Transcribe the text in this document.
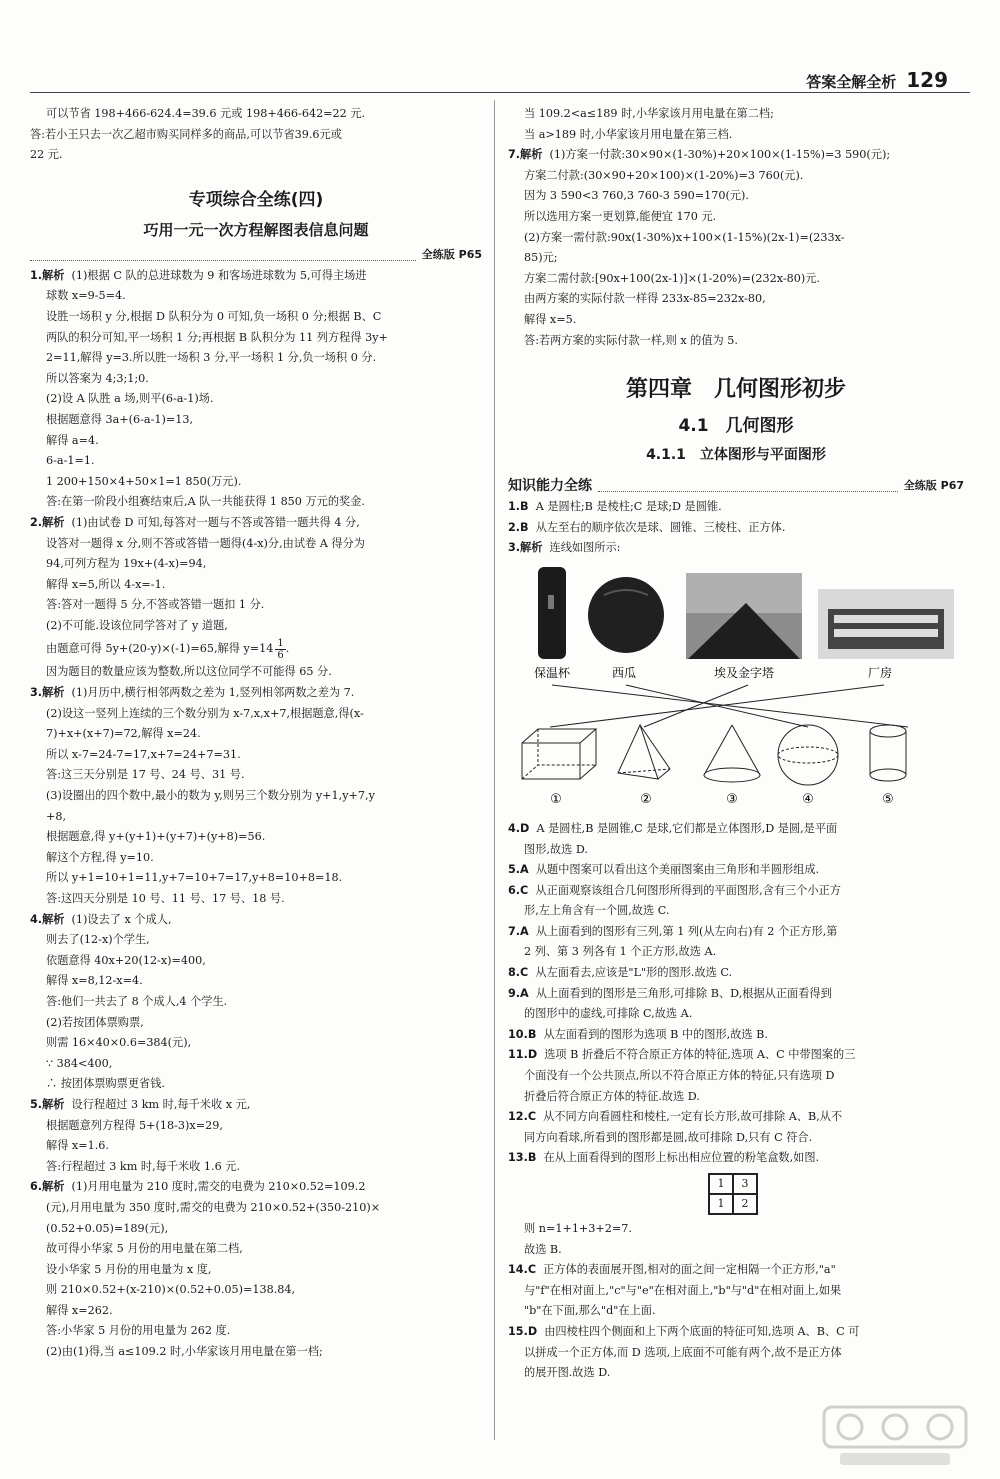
答案全解全析 129
可以节省 198+466-624.4=39.6 元或 198+466-642=22 元.
答:若小王只去一次乙超市购买同样多的商品,可以节省39.6元或
22 元.
专项综合全练(四)
巧用一元一次方程解图表信息问题
全练版 P65
1.解析 (1)根据 C 队的总进球数为 9 和客场进球数为 5,可得主场进
球数 x=9-5=4.
设胜一场积 y 分,根据 D 队积分为 0 可知,负一场积 0 分;根据 B、C
两队的积分可知,平一场积 1 分;再根据 B 队积分为 11 列方程得 3y+
2=11,解得 y=3.所以胜一场积 3 分,平一场积 1 分,负一场积 0 分.
所以答案为 4;3;1;0.
(2)设 A 队胜 a 场,则平(6-a-1)场.
根据题意得 3a+(6-a-1)=13,
解得 a=4.
6-a-1=1.
1 200+150×4+50×1=1 850(万元).
答:在第一阶段小组赛结束后,A 队一共能获得 1 850 万元的奖金.
2.解析 (1)由试卷 D 可知,每答对一题与不答或答错一题共得 4 分,
设答对一题得 x 分,则不答或答错一题得(4-x)分,由试卷 A 得分为
94,可列方程为 19x+(4-x)=94,
解得 x=5,所以 4-x=-1.
答:答对一题得 5 分,不答或答错一题扣 1 分.
(2)不可能.设该位同学答对了 y 道题,
由题意可得 5y+(20-y)×(-1)=65,解得 $y=14 \frac{1}{6}$ .
因为题目的数量应该为整数,所以这位同学不可能得 65 分.
3.解析 (1)月历中,横行相邻两数之差为 1,竖列相邻两数之差为 7.
(2)设这一竖列上连续的三个数分别为 x-7,x,x+7,根据题意,得(x-
7)+x+(x+7)=72,解得 x=24.
所以 x-7=24-7=17,x+7=24+7=31.
答:这三天分别是 17 号、24 号、31 号.
(3)设圈出的四个数中,最小的数为 y,则另三个数分别为 y+1,y+7,y
+8,
根据题意,得 y+(y+1)+(y+7)+(y+8)=56.
解这个方程,得 y=10.
所以 y+1=10+1=11,y+7=10+7=17,y+8=10+8=18.
答:这四天分别是 10 号、11 号、17 号、18 号.
4.解析 (1)设去了 x 个成人,
则去了(12-x)个学生,
依题意得 40x+20(12-x)=400,
解得 x=8,12-x=4.
答:他们一共去了 8 个成人,4 个学生.
(2)若按团体票购票,
则需 16×40×0.6=384(元),
∵ 384<400,
∴ 按团体票购票更省钱.
5.解析 设行程超过 3 km 时,每千米收 x 元,
根据题意列方程得 5+(18-3)x=29,
解得 x=1.6.
答:行程超过 3 km 时,每千米收 1.6 元.
6.解析 (1)月用电量为 210 度时,需交的电费为 210×0.52=109.2
(元),月用电量为 350 度时,需交的电费为 210×0.52+(350-210)×
(0.52+0.05)=189(元),
故可得小华家 5 月份的用电量在第二档,
设小华家 5 月份的用电量为 x 度,
则 210×0.52+(x-210)×(0.52+0.05)=138.84,
解得 x=262.
答:小华家 5 月份的用电量为 262 度.
(2)由(1)得,当 a≤109.2 时,小华家该月用电量在第一档;
当 109.2<a≤189 时,小华家该月用电量在第二档;
当 a>189 时,小华家该月用电量在第三档.
7.解析 (1)方案一付款:30×90×(1-30%)+20×100×(1-15%)=3 590(元);
方案二付款:(30×90+20×100)×(1-20%)=3 760(元).
因为 3 590<3 760,3 760-3 590=170(元).
所以选用方案一更划算,能便宜 170 元.
(2)方案一需付款:90x(1-30%)x+100×(1-15%)(2x-1)=(233x-
85)元;
方案二需付款:[90x+100(2x-1)]×(1-20%)=(232x-80)元.
由两方案的实际付款一样得 233x-85=232x-80,
解得 x=5.
答:若两方案的实际付款一样,则 x 的值为 5.
第四章　几何图形初步
4.1　几何图形
4.1.1　立体图形与平面图形
知识能力全练	全练版 P67
1.B A 是圆柱;B 是棱柱;C 是球;D 是圆锥.
2.B 从左至右的顺序依次是球、圆锥、三棱柱、正方体.
3.解析 连线如图所示:
保温杯	西瓜	埃及金字塔	厂房
①	②	③	④	⑤
4.D A 是圆柱,B 是圆锥,C 是球,它们都是立体图形,D 是圆,是平面
图形,故选 D.
5.A 从题中图案可以看出这个美丽图案由三角形和半圆形组成.
6.C 从正面观察该组合几何图形所得到的平面图形,含有三个小正方
形,左上角含有一个圆,故选 C.
7.A 从上面看到的图形有三列,第 1 列(从左向右)有 2 个正方形,第
2 列、第 3 列各有 1 个正方形,故选 A.
8.C 从左面看去,应该是"L"形的图形.故选 C.
9.A 从上面看到的图形是三角形,可排除 B、D,根据从正面看得到
的图形中的虚线,可排除 C,故选 A.
10.B 从左面看到的图形为选项 B 中的图形,故选 B.
11.D 选项 B 折叠后不符合原正方体的特征,选项 A、C 中带图案的三
个面没有一个公共顶点,所以不符合原正方体的特征,只有选项 D
折叠后符合原正方体的特征.故选 D.
12.C 从不同方向看圆柱和棱柱,一定有长方形,故可排除 A、B,从不
同方向看球,所看到的图形都是圆,故可排除 D,只有 C 符合.
13.B 在从上面看得到的图形上标出相应位置的粉笔盒数,如图.
1	3
1	2
则 n=1+1+3+2=7.
故选 B.
14.C 正方体的表面展开图,相对的面之间一定相隔一个正方形,"a"
与"f"在相对面上,"c"与"e"在相对面上,"b"与"d"在相对面上,如果
"b"在下面,那么"d"在上面.
15.D 由四棱柱四个侧面和上下两个底面的特征可知,选项 A、B、C 可
以拼成一个正方体,而 D 选项,上底面不可能有两个,故不是正方体
的展开图.故选 D.
